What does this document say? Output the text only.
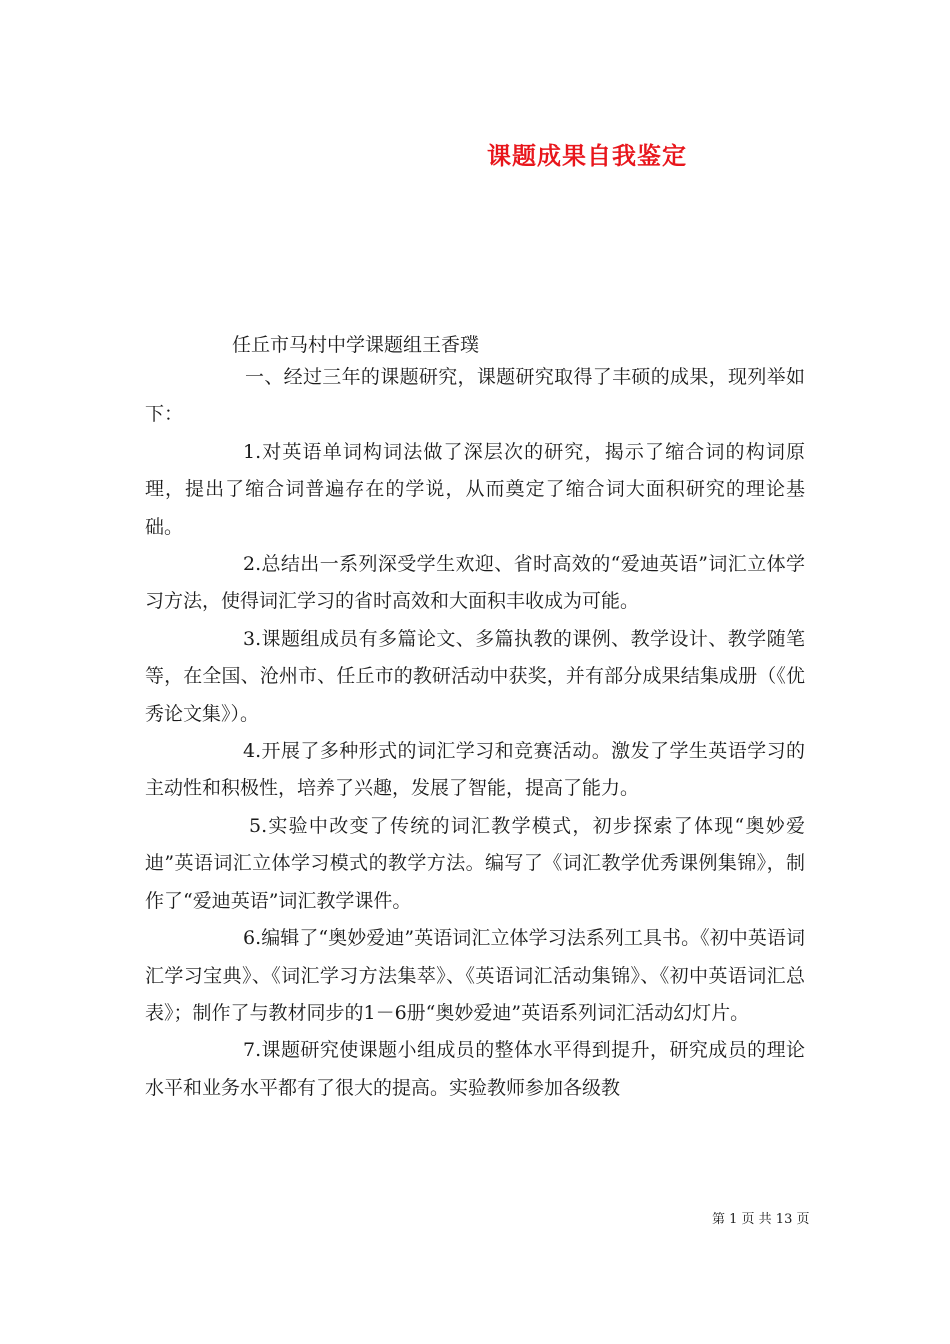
课题成果自我鉴定
任丘市马村中学课题组王香璞

一、经过三年的课题研究，课题研究取得了丰硕的成果，现列举如下：

1.对英语单词构词法做了深层次的研究，揭示了缩合词的构词原理，提出了缩合词普遍存在的学说，从而奠定了缩合词大面积研究的理论基础。

2.总结出一系列深受学生欢迎、省时高效的“爱迪英语”词汇立体学习方法，使得词汇学习的省时高效和大面积丰收成为可能。

3.课题组成员有多篇论文、多篇执教的课例、教学设计、教学随笔等，在全国、沧州市、任丘市的教研活动中获奖，并有部分成果结集成册（《优秀论文集》）。

4.开展了多种形式的词汇学习和竞赛活动。激发了学生英语学习的主动性和积极性，培养了兴趣，发展了智能，提高了能力。

5.实验中改变了传统的词汇教学模式，初步探索了体现“奥妙爱迪”英语词汇立体学习模式的教学方法。编写了《词汇教学优秀课例集锦》，制作了“爱迪英语”词汇教学课件。

6.编辑了“奥妙爱迪”英语词汇立体学习法系列工具书。《初中英语词汇学习宝典》、《词汇学习方法集萃》、《英语词汇活动集锦》、《初中英语词汇总表》；制作了与教材同步的1－6册“奥妙爱迪”英语系列词汇活动幻灯片。

7.课题研究使课题小组成员的整体水平得到提升，研究成员的理论水平和业务水平都有了很大的提高。实验教师参加各级教

第 1 页 共 13 页
